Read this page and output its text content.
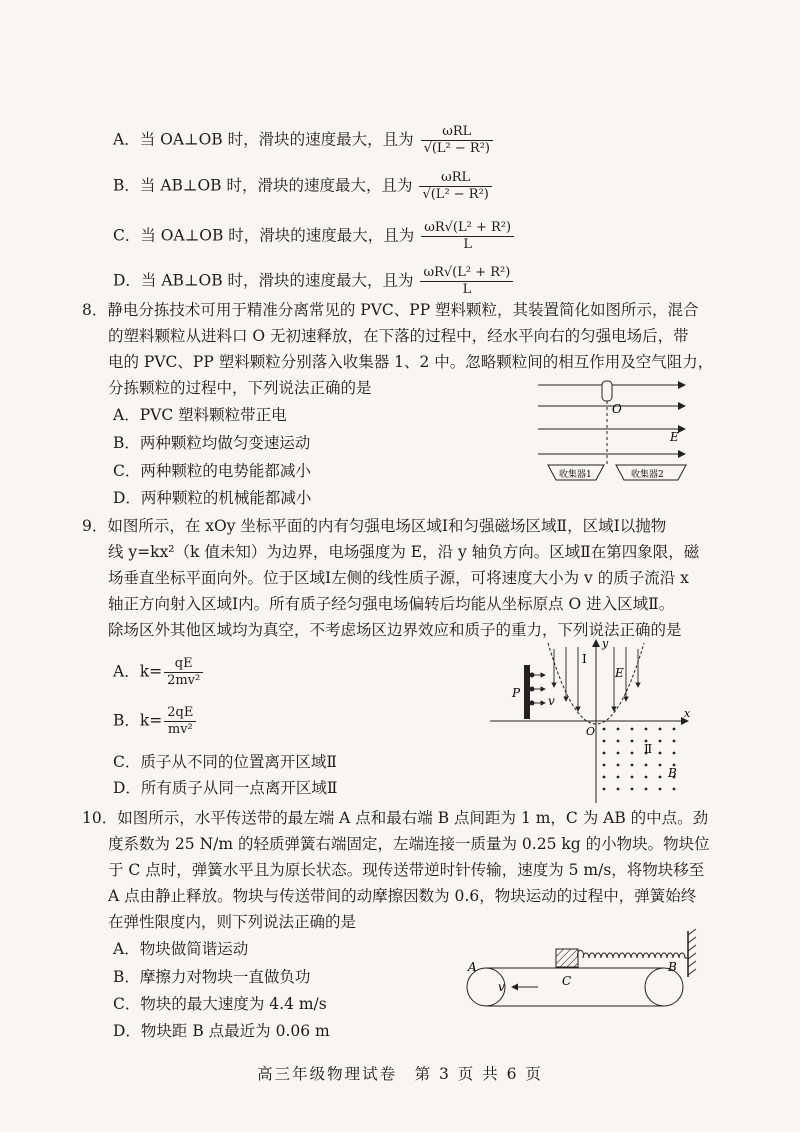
A．当 OA⊥OB 时，滑块的速度最大，且为 $\frac{\text{ωRL}}{\text{√(L² − R²)}}$
B．当 AB⊥OB 时，滑块的速度最大，且为 $\frac{\text{ωRL}}{\text{√(L² − R²)}}$
C．当 OA⊥OB 时，滑块的速度最大，且为 $\frac{\text{ωR√(L² + R²)}}{L}$
D．当 AB⊥OB 时，滑块的速度最大，且为 $\frac{\text{ωR√(L² + R²)}}{L}$
8．静电分拣技术可用于精准分离常见的 PVC、PP 塑料颗粒，其装置简化如图所示，混合
的塑料颗粒从进料口 O 无初速释放，在下落的过程中，经水平向右的匀强电场后，带
电的 PVC、PP 塑料颗粒分别落入收集器 1、2 中。忽略颗粒间的相互作用及空气阻力，
分拣颗粒的过程中，下列说法正确的是
A．PVC 塑料颗粒带正电
B．两种颗粒均做匀变速运动
C．两种颗粒的电势能都减小
D．两种颗粒的机械能都减小
O
E
收集器1	收集器2
9．如图所示，在 xOy 坐标平面的内有匀强电场区域Ⅰ和匀强磁场区域Ⅱ，区域Ⅰ以抛物
线 y=kx²（k 值未知）为边界，电场强度为 E，沿 y 轴负方向。区域Ⅱ在第四象限，磁
场垂直坐标平面向外。位于区域Ⅰ左侧的线性质子源，可将速度大小为 v 的质子流沿 x
轴正方向射入区域Ⅰ内。所有质子经匀强电场偏转后均能从坐标原点 O 进入区域Ⅱ。
除场区外其他区域均为真空，不考虑场区边界效应和质子的重力，下列说法正确的是
A．$k= \frac{qE}{\text{2mv²}}$
B．$k= \frac{2qE}{\text{mv²}}$
C．质子从不同的位置离开区域Ⅱ
D．所有质子从同一点离开区域Ⅱ
x
y
O
Ⅰ
E
P
v
Ⅱ
B
10．如图所示，水平传送带的最左端 A 点和最右端 B 点间距为 1 m，C 为 AB 的中点。劲
度系数为 25 N/m 的轻质弹簧右端固定，左端连接一质量为 0.25 kg 的小物块。物块位
于 C 点时，弹簧水平且为原长状态。现传送带逆时针传输，速度为 5 m/s，将物块移至
A 点由静止释放。物块与传送带间的动摩擦因数为 0.6，物块运动的过程中，弹簧始终
在弹性限度内，则下列说法正确的是
A．物块做简谐运动
B．摩擦力对物块一直做负功
C．物块的最大速度为 4.4 m/s
D．物块距 B 点最近为 0.06 m
A	B
C
v
高三年级物理试卷　第 3 页 共 6 页
